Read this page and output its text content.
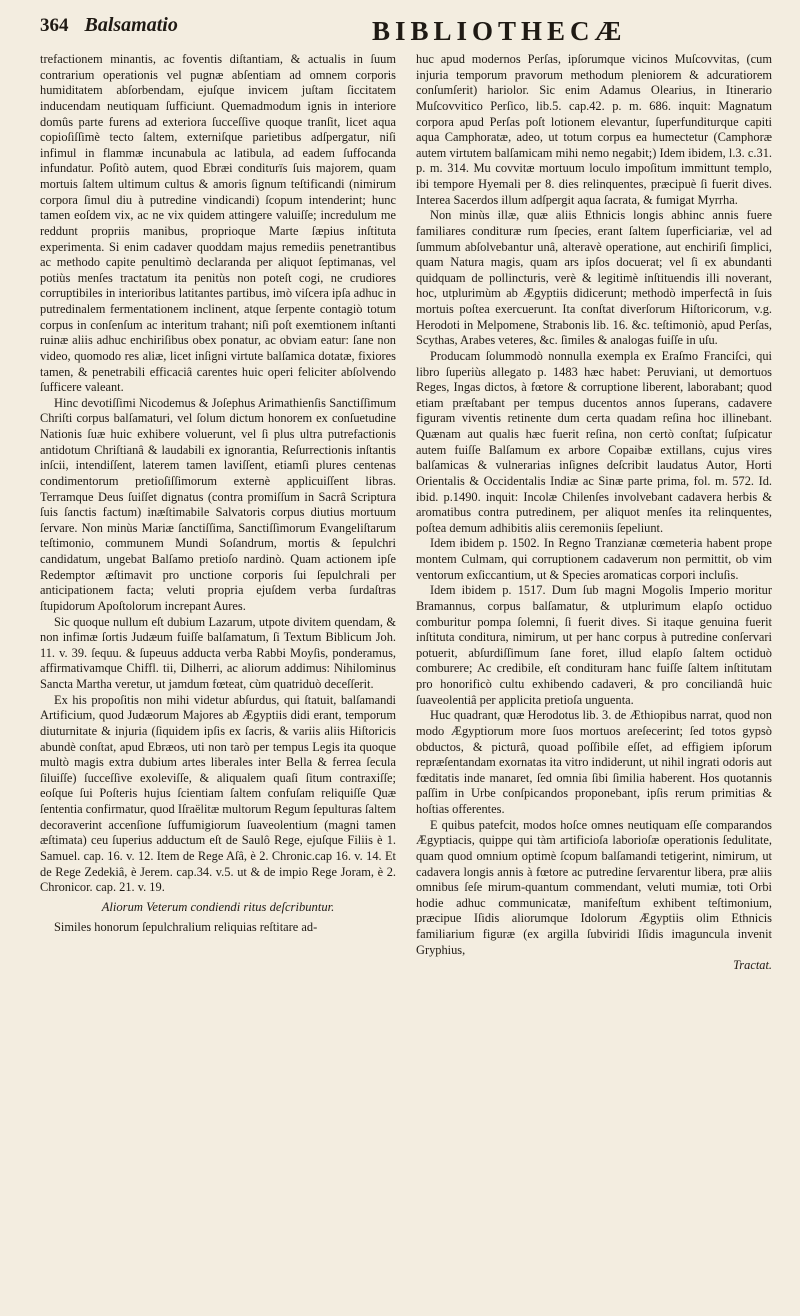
364 Balsamatio	BIBLIOTHECÆ

trefactionem minantis, ac foventis diſtantiam, & actualis in ſuum contrarium operationis vel pugnæ abſentiam ad omnem corporis humiditatem abſorbendam, ejuſque invicem juſtam ſiccitatem inducendam neutiquam ſufficiunt. Quemadmodum ignis in interiore domûs parte furens ad exteriora ſucceſſive quoque tranſit, licet aqua copioſiſſimè tecto ſaltem, externiſque parietibus adſpergatur, niſi infimul in flammæ incunabula ac latibula, ad eadem ſuffocanda infundatur. Poſitò autem, quod Ebræi conditurïs ſuis majorem, quam mortuis ſaltem ultimum cultus & amoris ſignum teſtificandi (nimirum corpora ſimul diu à putredine vindicandi) ſcopum intenderint; hunc tamen eoſdem vix, ac ne vix quidem attingere valuiſſe; incredulum me reddunt propriis manibus, proprioque Marte ſæpius inſtituta experimenta. Si enim cadaver quoddam majus remediis penetrantibus ac methodo capite penultimò declaranda per aliquot ſeptimanas, vel potiùs menſes tractatum ita penitùs non poteſt cogi, ne crudiores corruptibiles in interioribus latitantes partibus, imò viſcera ipſa adhuc in putredinalem fermentationem inclinent, atque ſerpente contagiò totum corpus in conſenſum ac interitum trahant; niſi poſt exemtionem inſtanti ruinæ aliis adhuc enchiriſibus obex ponatur, ac obviam eatur: ſane non video, quomodo res aliæ, licet inſigni virtute balſamica dotatæ, fixiores tamen, & penetrabili efficaciâ carentes huic operi feliciter abſolvendo ſufficere valeant.

Hinc devotiſſimi Nicodemus & Joſephus Arimathienſis Sanctiſſimum Chriſti corpus balſamaturi, vel ſolum dictum honorem ex conſuetudine Nationis ſuæ huic exhibere voluerunt, vel ſi plus ultra putrefactionis antidotum Chriſtianâ & laudabili ex ignorantia, Reſurrectionis inſtantis inſcii, intendiſſent, laterem tamen laviſſent, etiamſi plures centenas condimentorum pretioſiſſimorum externè applicuiſſent libras. Terramque Deus ſuiſſet dignatus (contra promiſſum in Sacrâ Scriptura ſuis ſanctis factum) inæſtimabile Salvatoris corpus diutius mortuum ſervare. Non minùs Mariæ ſanctiſſima, Sanctiſſimorum Evangeliſtarum teſtimonio, communem Mundi Soſandrum, mortis & ſepulchri candidatum, ungebat Balſamo pretioſo nardinò. Quam actionem ipſe Redemptor æſtimavit pro unctione corporis ſui ſepulchrali per anticipationem facta; veluti propria ejuſdem verba ſurdaſtras ſtupidorum Apoſtolorum increpant Aures.

Sic quoque nullum eſt dubium Lazarum, utpote divitem quendam, & non infimæ ſortis Judæum fuiſſe balſamatum, ſi Textum Biblicum Joh. 11. v. 39. ſequu. & ſupeuus adducta verba Rabbi Moyſis, ponderamus, affirmativamque Chiffl. tii, Dilherri, ac aliorum addimus: Nihilominus Sancta Martha veretur, ut jamdum fœteat, cùm quatriduò deceſſerit.

Ex his propoſitis non mihi videtur abſurdus, qui ſtatuit, balſamandi Artificium, quod Judæorum Majores ab Ægyptiis didi erant, temporum diuturnitate & injuria (ſiquidem ipſis ex ſacris, & variis aliis Hiſtoricis abundè conſtat, apud Ebræos, uti non tarò per tempus Legis ita quoque multò magis extra dubium artes liberales inter Bella & ferrea ſecula ſiluiſſe) ſucceſſive exoleviſſe, & aliqualem quaſi ſitum contraxiſſe; eoſque ſui Poſteris hujus ſcientiam ſaltem confuſam reliquiſſe Quæ ſententia confirmatur, quod Iſraëlitæ multorum Regum ſepulturas ſaltem decoraverint accenſione ſuffumigiorum ſuaveolentium (magni tamen æſtimata) ceu ſuperius adductum eſt de Saulô Rege, ejuſque Filiis è 1. Samuel. cap. 16. v. 12. Item de Rege Aſâ, è 2. Chronic.cap 16. v. 14. Et de Rege Zedekiâ, è Jerem. cap.34. v.5. ut & de impio Rege Joram, è 2. Chronicor. cap. 21. v. 19.

Aliorum Veterum condiendi ritus deſcribuntur.

Similes honorum ſepulchralium reliquias reſtitare ad-

huc apud modernos Perſas, ipſorumque vicinos Muſcovvitas, (cum injuria temporum pravorum methodum pleniorem & adcuratiorem conſumſerit) hariolor. Sic enim Adamus Olearius, in Itinerario Muſcovvitico Perſico, lib.5. cap.42. p. m. 686. inquit: Magnatum corpora apud Perſas poſt lotionem elevantur, ſuperfunditurque capiti aqua Camphoratæ, adeo, ut totum corpus ea humectetur (Camphoræ autem virtutem balſamicam mihi nemo negabit;) Idem ibidem, l.3. c.31. p. m. 314. Mu covvitæ mortuum loculo impoſitum immittunt templo, ibi tempore Hyemali per 8. dies relinquentes, præcipuè ſi fuerit dives. Interea Sacerdos illum adſpergit aqua ſacrata, & fumigat Myrrha.

Non minùs illæ, quæ aliis Ethnicis longis abhinc annis fuere familiares condituræ rum ſpecies, erant ſaltem ſuperficiariæ, vel ad ſummum abſolvebantur unâ, alteravè operatione, aut enchiriſi ſimplici, quam Natura magis, quam ars ipſos docuerat; vel ſi ex abundanti quidquam de pollincturis, verè & legitimè inſtituendis illi noverant, hoc, utplurimùm ab Ægyptiis didicerunt; methodò imperfectâ in ſuis mortuis poſtea exercuerunt. Ita conſtat diverſorum Hiſtoricorum, v.g. Herodoti in Melpomene, Strabonis lib. 16. &c. teſtimoniò, apud Perſas, Scythas, Arabes veteres, &c. ſimiles & analogas fuiſſe in uſu.

Producam ſolummodò nonnulla exempla ex Eraſmo Franciſci, qui libro ſuperiùs allegato p. 1483 hæc habet: Peruviani, ut demortuos Reges, Ingas dictos, à fœtore & corruptione liberent, laborabant; quod etiam præſtabant per tempus ducentos annos ſuperans, cadavere figuram viventis retinente dum certa quadam reſina hoc illinebant. Quænam aut qualis hæc fuerit reſina, non certò conſtat; ſuſpicatur autem fuiſſe Balſamum ex arbore Copaibæ extillans, cujus vires balſamicas & vulnerarias inſignes deſcribit laudatus Autor, Horti Orientalis & Occidentalis Indiæ ac Sinæ parte prima, fol. m. 572. Id. ibid. p.1490. inquit: Incolæ Chilenſes involvebant cadavera herbis & aromatibus contra putredinem, per aliquot menſes ita relinquentes, poſtea demum adhibitis aliis ceremoniis ſepeliunt.

Idem ibidem p. 1502. In Regno Tranzianæ cœmeteria habent prope montem Culmam, qui corruptionem cadaverum non permittit, ob vim ventorum exſiccantium, ut & Species aromaticas corpori incluſis.

Idem ibidem p. 1517. Dum ſub magni Mogolis Imperio moritur Bramannus, corpus balſamatur, & utplurimum elapſo octiduo comburitur pompa ſolemni, ſi fuerit dives. Si itaque genuina fuerit inſtituta conditura, nimirum, ut per hanc corpus à putredine conſervari potuerit, abſurdiſſimum ſane foret, illud elapſo ſaltem octiduò comburere; Ac credibile, eſt condituram hanc fuiſſe ſaltem inſtitutam pro honorificò cultu exhibendo cadaveri, & pro conciliandâ huic ſuaveolentiâ per applicita pretioſa unguenta.

Huc quadrant, quæ Herodotus lib. 3. de Æthiopibus narrat, quod non modo Ægyptiorum more ſuos mortuos areſecerint; ſed totos gypsò obductos, & picturâ, quoad poſſibile eſſet, ad effigiem ipſorum repræſentandam exornatas ita vitro indiderunt, ut nihil ingrati odoris aut fœditatis inde manaret, ſed omnia ſibi ſimilia haberent. Hos quotannis paſſim in Urbe conſpicandos proponebant, ipſis rerum primitias & hoſtias offerentes.

E quibus patefcit, modos hoſce omnes neutiquam eſſe comparandos Ægyptiacis, quippe qui tàm artificioſa laborioſæ operationis ſedulitate, quam quod omnium optimè ſcopum balſamandi tetigerint, nimirum, ut cadavera longis annis à fœtore ac putredine ſervarentur libera, præ aliis omnibus ſeſe mirum-quantum commendant, veluti mumiæ, toti Orbi hodie adhuc communicatæ, manifeſtum exhibent teſtimonium, præcipue Iſidis aliorumque Idolorum Ægyptiis olim Ethnicis familiarium figuræ (ex argilla ſubviridi Iſidis imaguncula invenit Gryphius,

Tractat.
